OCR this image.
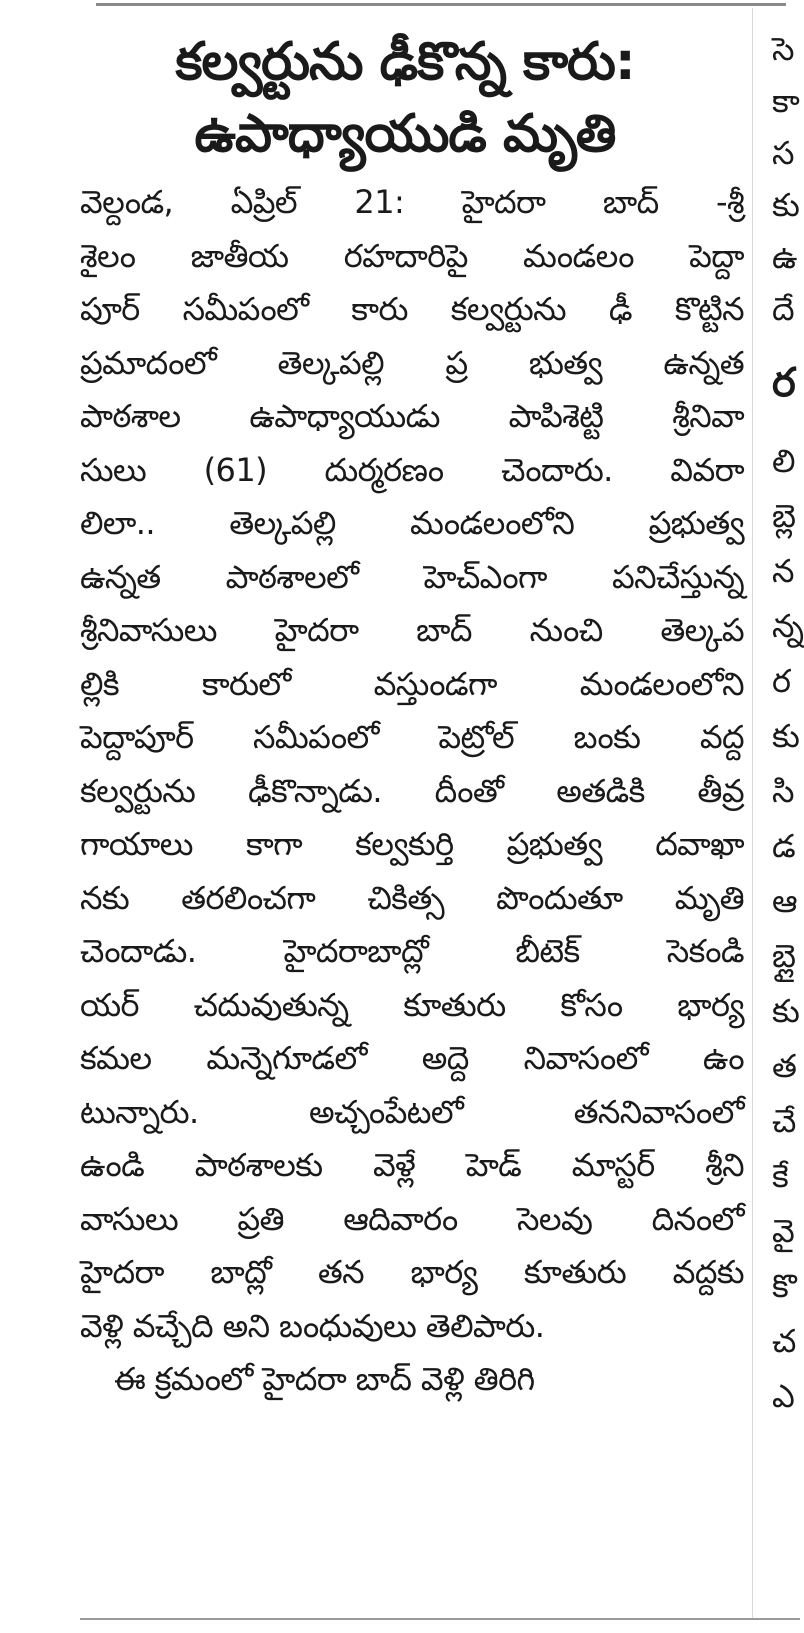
కల్వర్టును ఢీకొన్న కారు:
ఉపాధ్యాయుడి మృతి
వెల్దండ, ఏప్రిల్ 21: హైదరా బాద్ -శ్రీ
శైలం జాతీయ రహదారిపై మండలం పెద్దా
పూర్ సమీపంలో కారు కల్వర్టును ఢీ కొట్టిన
ప్రమాదంలో తెల్కపల్లి ప్ర భుత్వ ఉన్నత
పాఠశాల ఉపాధ్యాయుడు పాపిశెట్టి శ్రీనివా
సులు (61) దుర్మరణం చెందారు. వివరా
లిలా.. తెల్కపల్లి మండలంలోని ప్రభుత్వ
ఉన్నత పాఠశాలలో హెచ్ఎంగా పనిచేస్తున్న
శ్రీనివాసులు హైదరా బాద్ నుంచి తెల్కప
ల్లికి కారులో వస్తుండగా మండలంలోని
పెద్దాపూర్ సమీపంలో పెట్రోల్ బంకు వద్ద
కల్వర్టును ఢీకొన్నాడు. దీంతో అతడికి తీవ్ర
గాయాలు కాగా కల్వకుర్తి ప్రభుత్వ దవాఖా
నకు తరలించగా చికిత్స పొందుతూ మృతి
చెందాడు. హైదరాబాద్లో బీటెక్ సెకండి
యర్ చదువుతున్న కూతురు కోసం భార్య
కమల మన్నెగూడలో అద్దె నివాసంలో ఉం
టున్నారు. అచ్చంపేటలో తననివాసంలో
ఉండి పాఠశాలకు వెళ్లే హెడ్ మాస్టర్ శ్రీని
వాసులు ప్రతి ఆదివారం సెలవు దినంలో
హైదరా బాద్లో తన భార్య కూతురు వద్దకు
వెళ్లి వచ్చేది అని బంధువులు తెలిపారు.
ఈ క్రమంలో హైదరా బాద్ వెళ్లి తిరిగి
సె
కా
స
కు
ఉ
దే
ర
లి
బ్లె
న
న్న
ర
కు
సి
డ
ఆ
బ్లై
కు
త
చే
కే
వై
కొ
చ
ఎ
